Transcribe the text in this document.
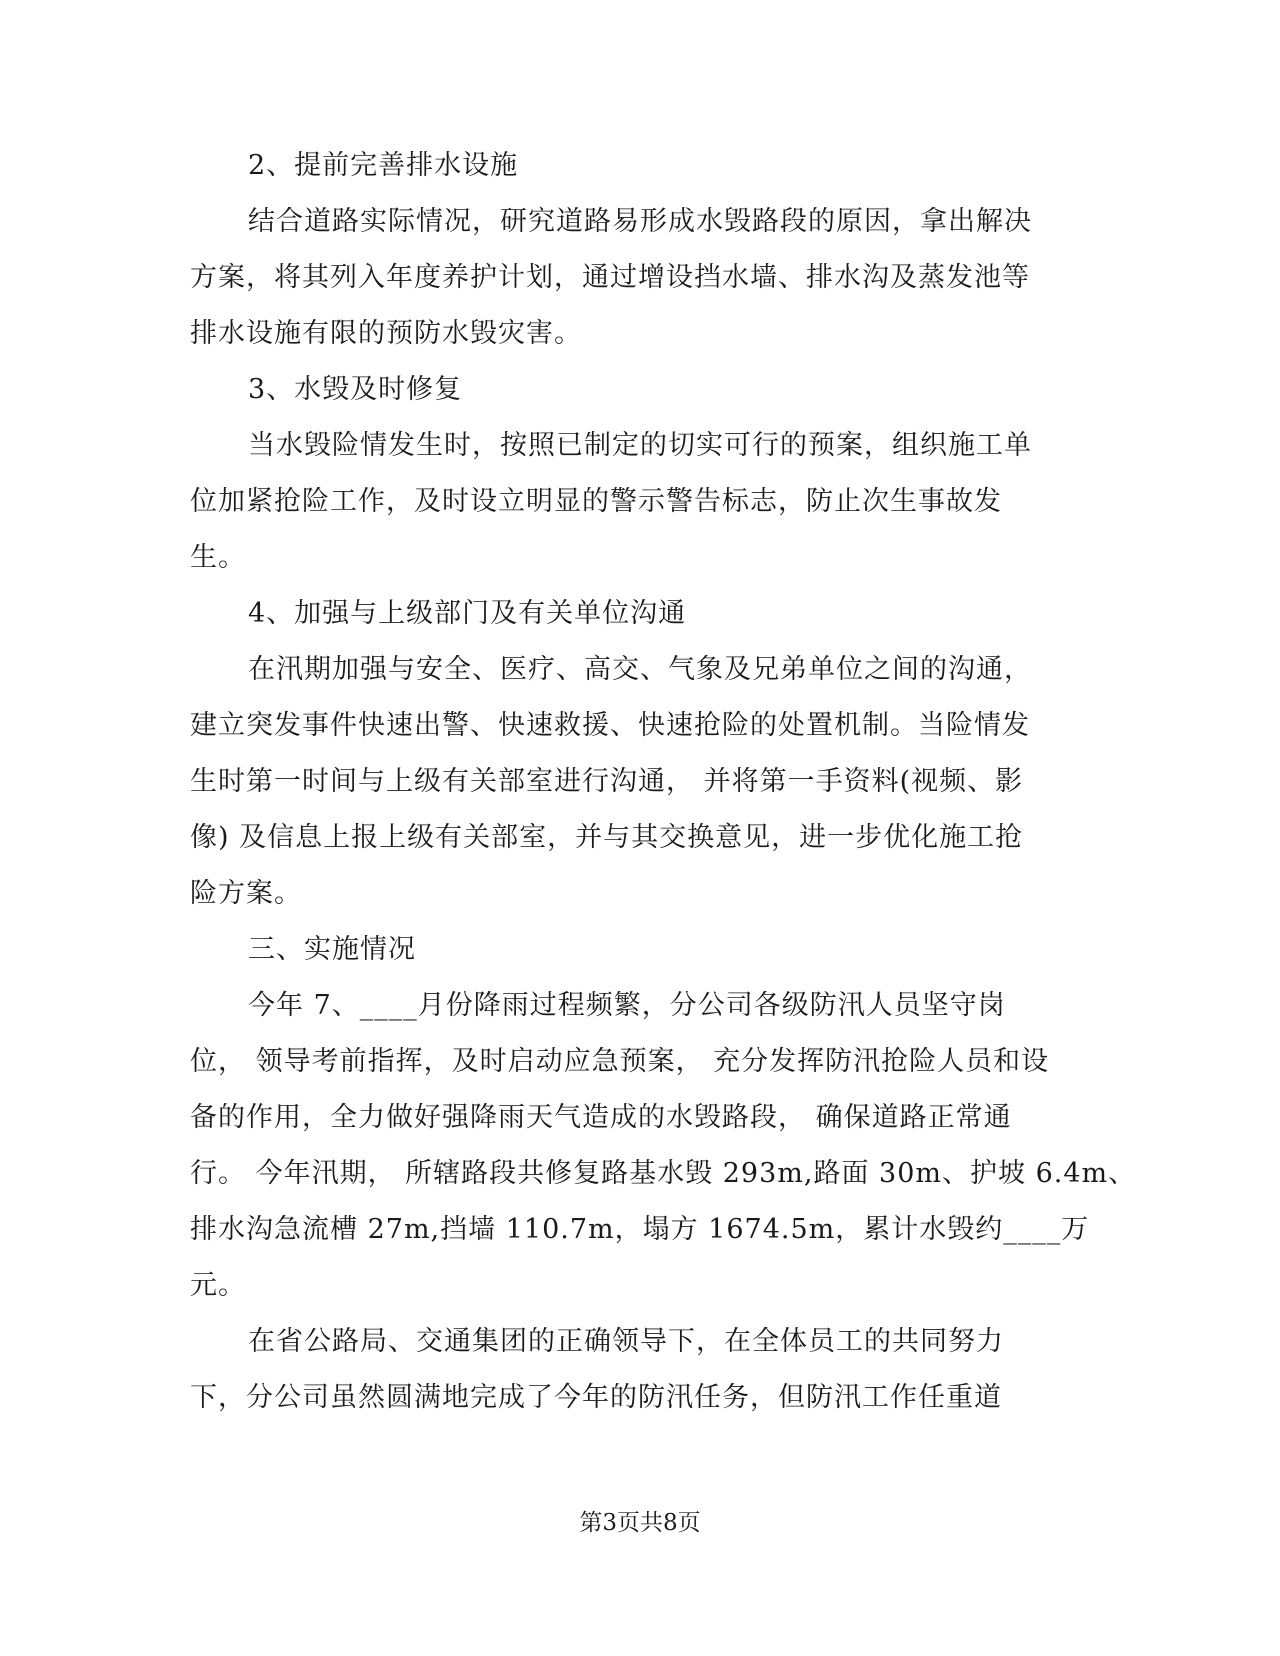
2、提前完善排水设施
结合道路实际情况，研究道路易形成水毁路段的原因，拿出解决
方案，将其列入年度养护计划，通过增设挡水墙、排水沟及蒸发池等
排水设施有限的预防水毁灾害。
3、水毁及时修复
当水毁险情发生时，按照已制定的切实可行的预案，组织施工单
位加紧抢险工作，及时设立明显的警示警告标志，防止次生事故发
生。
4、加强与上级部门及有关单位沟通
在汛期加强与安全、医疗、高交、气象及兄弟单位之间的沟通，
建立突发事件快速出警、快速救援、快速抢险的处置机制。当险情发
生时第一时间与上级有关部室进行沟通， 并将第一手资料(视频、影
像) 及信息上报上级有关部室，并与其交换意见，进一步优化施工抢
险方案。
三、实施情况
今年 7、____月份降雨过程频繁，分公司各级防汛人员坚守岗
位， 领导考前指挥，及时启动应急预案， 充分发挥防汛抢险人员和设
备的作用，全力做好强降雨天气造成的水毁路段， 确保道路正常通
行。 今年汛期， 所辖路段共修复路基水毁 293m,路面 30m、护坡 6.4m、
排水沟急流槽 27m,挡墙 110.7m，塌方 1674.5m，累计水毁约____万
元。
在省公路局、交通集团的正确领导下，在全体员工的共同努力
下，分公司虽然圆满地完成了今年的防汛任务，但防汛工作任重道
第3页共8页
